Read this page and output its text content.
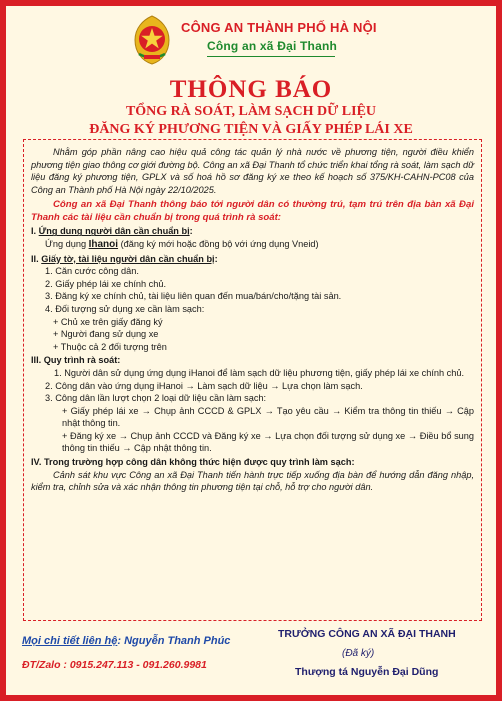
CÔNG AN THÀNH PHỐ HÀ NỘI
Công an xã Đại Thanh
THÔNG BÁO
TỔNG RÀ SOÁT, LÀM SẠCH DỮ LIỆU
ĐĂNG KÝ PHƯƠNG TIỆN VÀ GIẤY PHÉP LÁI XE

Nhằm góp phần nâng cao hiệu quả công tác quản lý nhà nước về phương tiện, người điều khiển phương tiện giao thông cơ giới đường bộ. Công an xã Đại Thanh tổ chức triển khai tổng rà soát, làm sạch dữ liệu đăng ký phương tiện, GPLX và số hoá hồ sơ đăng ký xe theo kế hoạch số 375/KH-CAHN-PC08 của Công an Thành phố Hà Nội ngày 22/10/2025.

Công an xã Đại Thanh thông báo tới người dân có thường trú, tạm trú trên địa bàn xã Đại Thanh các tài liệu cần chuẩn bị trong quá trình rà soát:

I. Ứng dung người dân cần chuẩn bị:

Ứng dụng Ihanoi (đăng ký mới hoặc đồng bộ với ứng dụng Vneid)

II. Giấy tờ, tài liệu người dân cần chuẩn bị:

1. Căn cước công dân.

2. Giấy phép lái xe chính chủ.

3. Đăng ký xe chính chủ, tài liệu liên quan đến mua/bán/cho/tặng tài sản.

4. Đối tượng sử dụng xe cần làm sạch:

+ Chủ xe trên giấy đăng ký

+ Người đang sử dụng xe

+ Thuộc cả 2 đối tượng trên

III. Quy trình rà soát:

1. Người dân sử dụng ứng dụng iHanoi để làm sạch dữ liệu phương tiện, giấy phép lái xe chính chủ.

2. Công dân vào ứng dụng iHanoi → Làm sạch dữ liệu → Lựa chọn làm sạch.

3. Công dân lần lượt chọn 2 loại dữ liệu cần làm sạch:

+ Giấy phép lái xe → Chụp ảnh CCCD & GPLX → Tạo yêu cầu → Kiểm tra thông tin thiếu → Cập nhật thông tin.

+ Đăng ký xe → Chụp ảnh CCCD và Đăng ký xe → Lựa chọn đối tượng sử dụng xe → Điều bổ sung thông tin thiếu → Cập nhật thông tin.

IV. Trong trường hợp công dân không thức hiện được quy trình làm sạch:

Cảnh sát khu vực Công an xã Đại Thanh tiến hành trực tiếp xuống địa bàn để hướng dẫn đăng nhập, kiểm tra, chỉnh sửa và xác nhận thông tin phương tiện tại chỗ, hỗ trợ cho người dân.

Mọi chi tiết liên hệ: Nguyễn Thanh Phúc
ĐT/Zalo : 0915.247.113 - 091.260.9981
TRƯỞNG CÔNG AN XÃ ĐẠI THANH
(Đã ký)
Thượng tá Nguyễn Đại Dũng
